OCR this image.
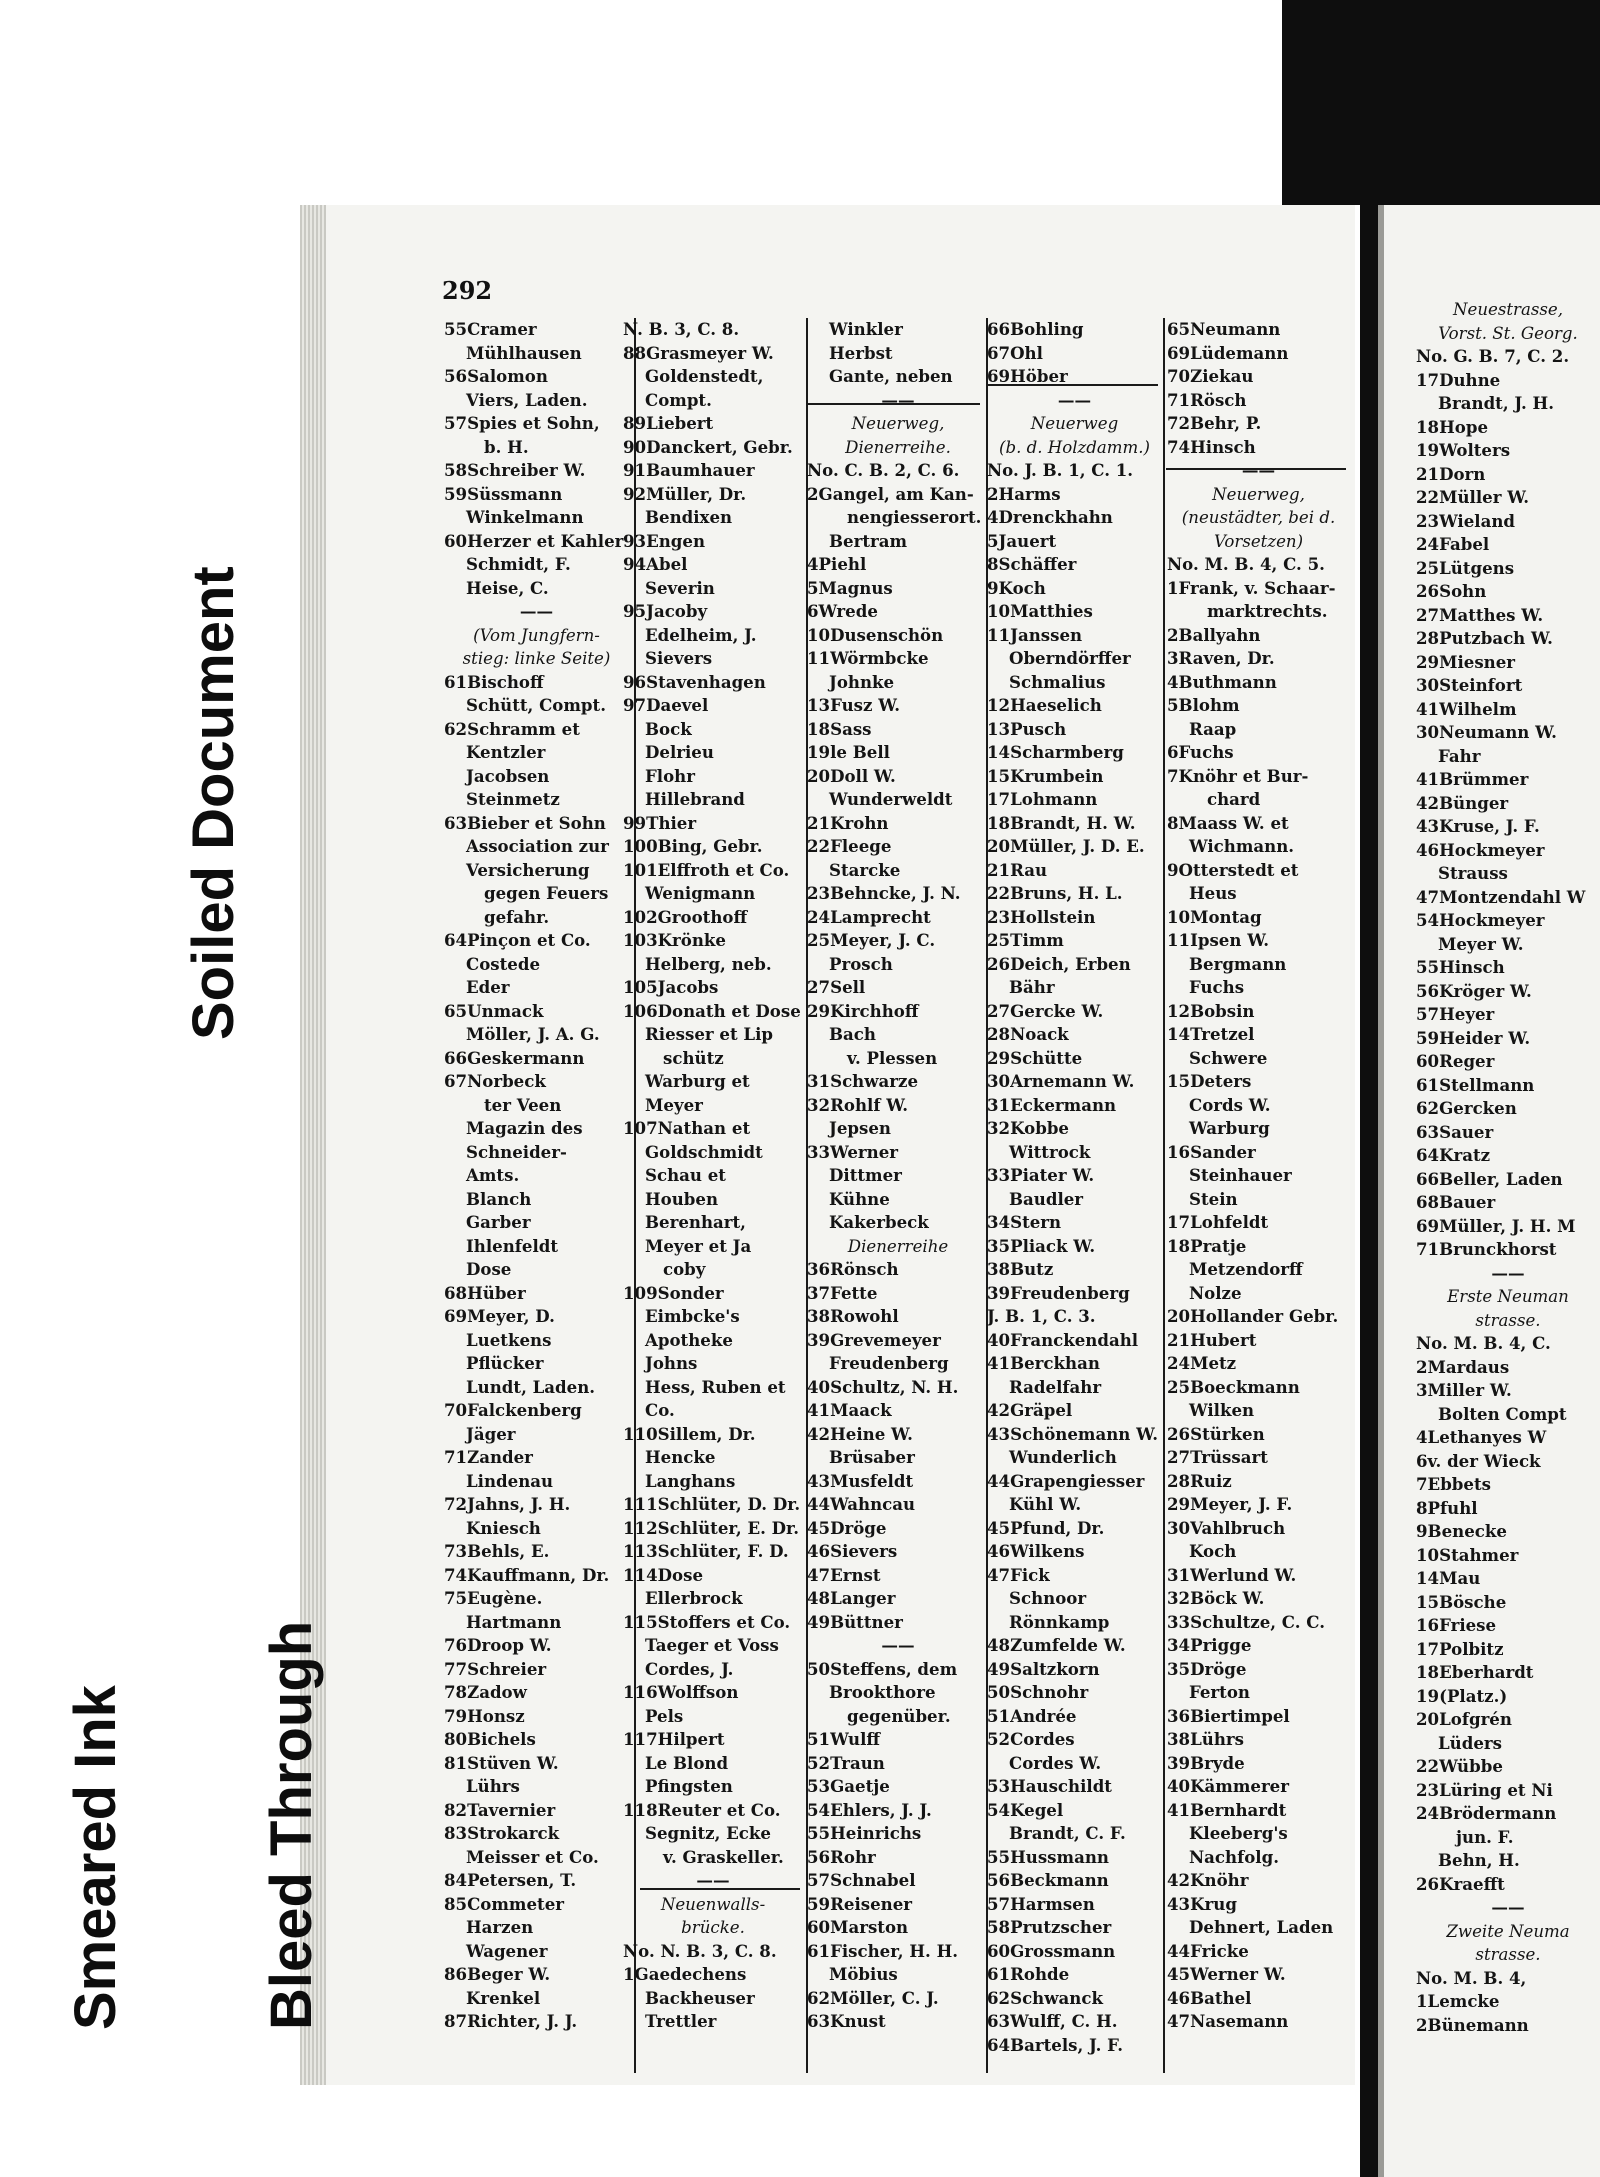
Soiled Document
Bleed Through
Smeared Ink
292
55Cramer
Mühlhausen
56Salomon
Viers, Laden.
57Spies et Sohn,
b. H.
58Schreiber W.
59Süssmann
Winkelmann
60Herzer et Kahler
Schmidt, F.
Heise, C.
——
(Vom Jungfern-
stieg: linke Seite)
61Bischoff
Schütt, Compt.
62Schramm et
Kentzler
Jacobsen
Steinmetz
63Bieber et Sohn
Association zur
Versicherung
gegen Feuers
gefahr.
64Pinçon et Co.
Costede
Eder
65Unmack
Möller, J. A. G.
66Geskermann
67Norbeck
ter Veen
Magazin des
Schneider-
Amts.
Blanch
Garber
Ihlenfeldt
Dose
68Hüber
69Meyer, D.
Luetkens
Pflücker
Lundt, Laden.
70Falckenberg
Jäger
71Zander
Lindenau
72Jahns, J. H.
Kniesch
73Behls, E.
74Kauffmann, Dr.
75Eugène.
Hartmann
76Droop W.
77Schreier
78Zadow
79Honsz
80Bichels
81Stüven W.
Lührs
82Tavernier
83Strokarck
Meisser et Co.
84Petersen, T.
85Commeter
Harzen
Wagener
86Beger W.
Krenkel
87Richter, J. J.
N. B. 3, C. 8.
88Grasmeyer W.
Goldenstedt,
Compt.
89Liebert
90Danckert, Gebr.
91Baumhauer
92Müller, Dr.
Bendixen
93Engen
94Abel
Severin
95Jacoby
Edelheim, J.
Sievers
96Stavenhagen
97Daevel
Bock
Delrieu
Flohr
Hillebrand
99Thier
100Bing, Gebr.
101Elffroth et Co.
Wenigmann
102Groothoff
103Krönke
Helberg, neb.
105Jacobs
106Donath et Dose
Riesser et Lip
schütz
Warburg et
Meyer
107Nathan et
Goldschmidt
Schau et
Houben
Berenhart,
Meyer et Ja
coby
109Sonder
Eimbcke's
Apotheke
Johns
Hess, Ruben et
Co.
110Sillem, Dr.
Hencke
Langhans
111Schlüter, D. Dr.
112Schlüter, E. Dr.
113Schlüter, F. D.
114Dose
Ellerbrock
115Stoffers et Co.
Taeger et Voss
Cordes, J.
116Wolffson
Pels
117Hilpert
Le Blond
Pfingsten
118Reuter et Co.
Segnitz, Ecke
v. Graskeller.
——
Neuenwalls-
brücke.
No. N. B. 3, C. 8.
1Gaedechens
Backheuser
Trettler
Winkler
Herbst
Gante, neben
——
Neuerweg,
Dienerreihe.
No. C. B. 2, C. 6.
2Gangel, am Kan-
nengiesserort.
Bertram
4Piehl
5Magnus
6Wrede
10Dusenschön
11Wörmbcke
Johnke
13Fusz W.
18Sass
19le Bell
20Doll W.
Wunderweldt
21Krohn
22Fleege
Starcke
23Behncke, J. N.
24Lamprecht
25Meyer, J. C.
Prosch
27Sell
29Kirchhoff
Bach
v. Plessen
31Schwarze
32Rohlf W.
Jepsen
33Werner
Dittmer
Kühne
Kakerbeck
Dienerreihe
36Rönsch
37Fette
38Rowohl
39Grevemeyer
Freudenberg
40Schultz, N. H.
41Maack
42Heine W.
Brüsaber
43Musfeldt
44Wahncau
45Dröge
46Sievers
47Ernst
48Langer
49Büttner
——
50Steffens, dem
Brookthore
gegenüber.
51Wulff
52Traun
53Gaetje
54Ehlers, J. J.
55Heinrichs
56Rohr
57Schnabel
59Reisener
60Marston
61Fischer, H. H.
Möbius
62Möller, C. J.
63Knust
66Bohling
67Ohl
69Höber
——
Neuerweg
(b. d. Holzdamm.)
No. J. B. 1, C. 1.
2Harms
4Drenckhahn
5Jauert
8Schäffer
9Koch
10Matthies
11Janssen
Oberndörffer
Schmalius
12Haeselich
13Pusch
14Scharmberg
15Krumbein
17Lohmann
18Brandt, H. W.
20Müller, J. D. E.
21Rau
22Bruns, H. L.
23Hollstein
25Timm
26Deich, Erben
Bähr
27Gercke W.
28Noack
29Schütte
30Arnemann W.
31Eckermann
32Kobbe
Wittrock
33Piater W.
Baudler
34Stern
35Pliack W.
38Butz
39Freudenberg
J. B. 1, C. 3.
40Franckendahl
41Berckhan
Radelfahr
42Gräpel
43Schönemann W.
Wunderlich
44Grapengiesser
Kühl W.
45Pfund, Dr.
46Wilkens
47Fick
Schnoor
Rönnkamp
48Zumfelde W.
49Saltzkorn
50Schnohr
51Andrée
52Cordes
Cordes W.
53Hauschildt
54Kegel
Brandt, C. F.
55Hussmann
56Beckmann
57Harmsen
58Prutzscher
60Grossmann
61Rohde
62Schwanck
63Wulff, C. H.
64Bartels, J. F.
65Neumann
69Lüdemann
70Ziekau
71Rösch
72Behr, P.
74Hinsch
——
Neuerweg,
(neustädter, bei d.
Vorsetzen)
No. M. B. 4, C. 5.
1Frank, v. Schaar-
marktrechts.
2Ballyahn
3Raven, Dr.
4Buthmann
5Blohm
Raap
6Fuchs
7Knöhr et Bur-
chard
8Maass W. et
Wichmann.
9Otterstedt et
Heus
10Montag
11Ipsen W.
Bergmann
Fuchs
12Bobsin
14Tretzel
Schwere
15Deters
Cords W.
Warburg
16Sander
Steinhauer
Stein
17Lohfeldt
18Pratje
Metzendorff
Nolze
20Hollander Gebr.
21Hubert
24Metz
25Boeckmann
Wilken
26Stürken
27Trüssart
28Ruiz
29Meyer, J. F.
30Vahlbruch
Koch
31Werlund W.
32Böck W.
33Schultze, C. C.
34Prigge
35Dröge
Ferton
36Biertimpel
38Lührs
39Bryde
40Kämmerer
41Bernhardt
Kleeberg's
Nachfolg.
42Knöhr
43Krug
Dehnert, Laden
44Fricke
45Werner W.
46Bathel
47Nasemann
Neuestrasse,
Vorst. St. Georg.
No. G. B. 7, C. 2.
17Duhne
Brandt, J. H.
18Hope
19Wolters
21Dorn
22Müller W.
23Wieland
24Fabel
25Lütgens
26Sohn
27Matthes W.
28Putzbach W.
29Miesner
30Steinfort
41Wilhelm
30Neumann W.
Fahr
41Brümmer
42Bünger
43Kruse, J. F.
46Hockmeyer
Strauss
47Montzendahl W
54Hockmeyer
Meyer W.
55Hinsch
56Kröger W.
57Heyer
59Heider W.
60Reger
61Stellmann
62Gercken
63Sauer
64Kratz
66Beller, Laden
68Bauer
69Müller, J. H. M
71Brunckhorst
——
Erste Neuman
strasse.
No. M. B. 4, C.
2Mardaus
3Miller W.
Bolten Compt
4Lethanyes W
6v. der Wieck
7Ebbets
8Pfuhl
9Benecke
10Stahmer
14Mau
15Bösche
16Friese
17Polbitz
18Eberhardt
19(Platz.)
20Lofgrén
Lüders
22Wübbe
23Lüring et Ni
24Brödermann
jun. F.
Behn, H.
26Kraefft
——
Zweite Neuma
strasse.
No. M. B. 4,
1Lemcke
2Bünemann
